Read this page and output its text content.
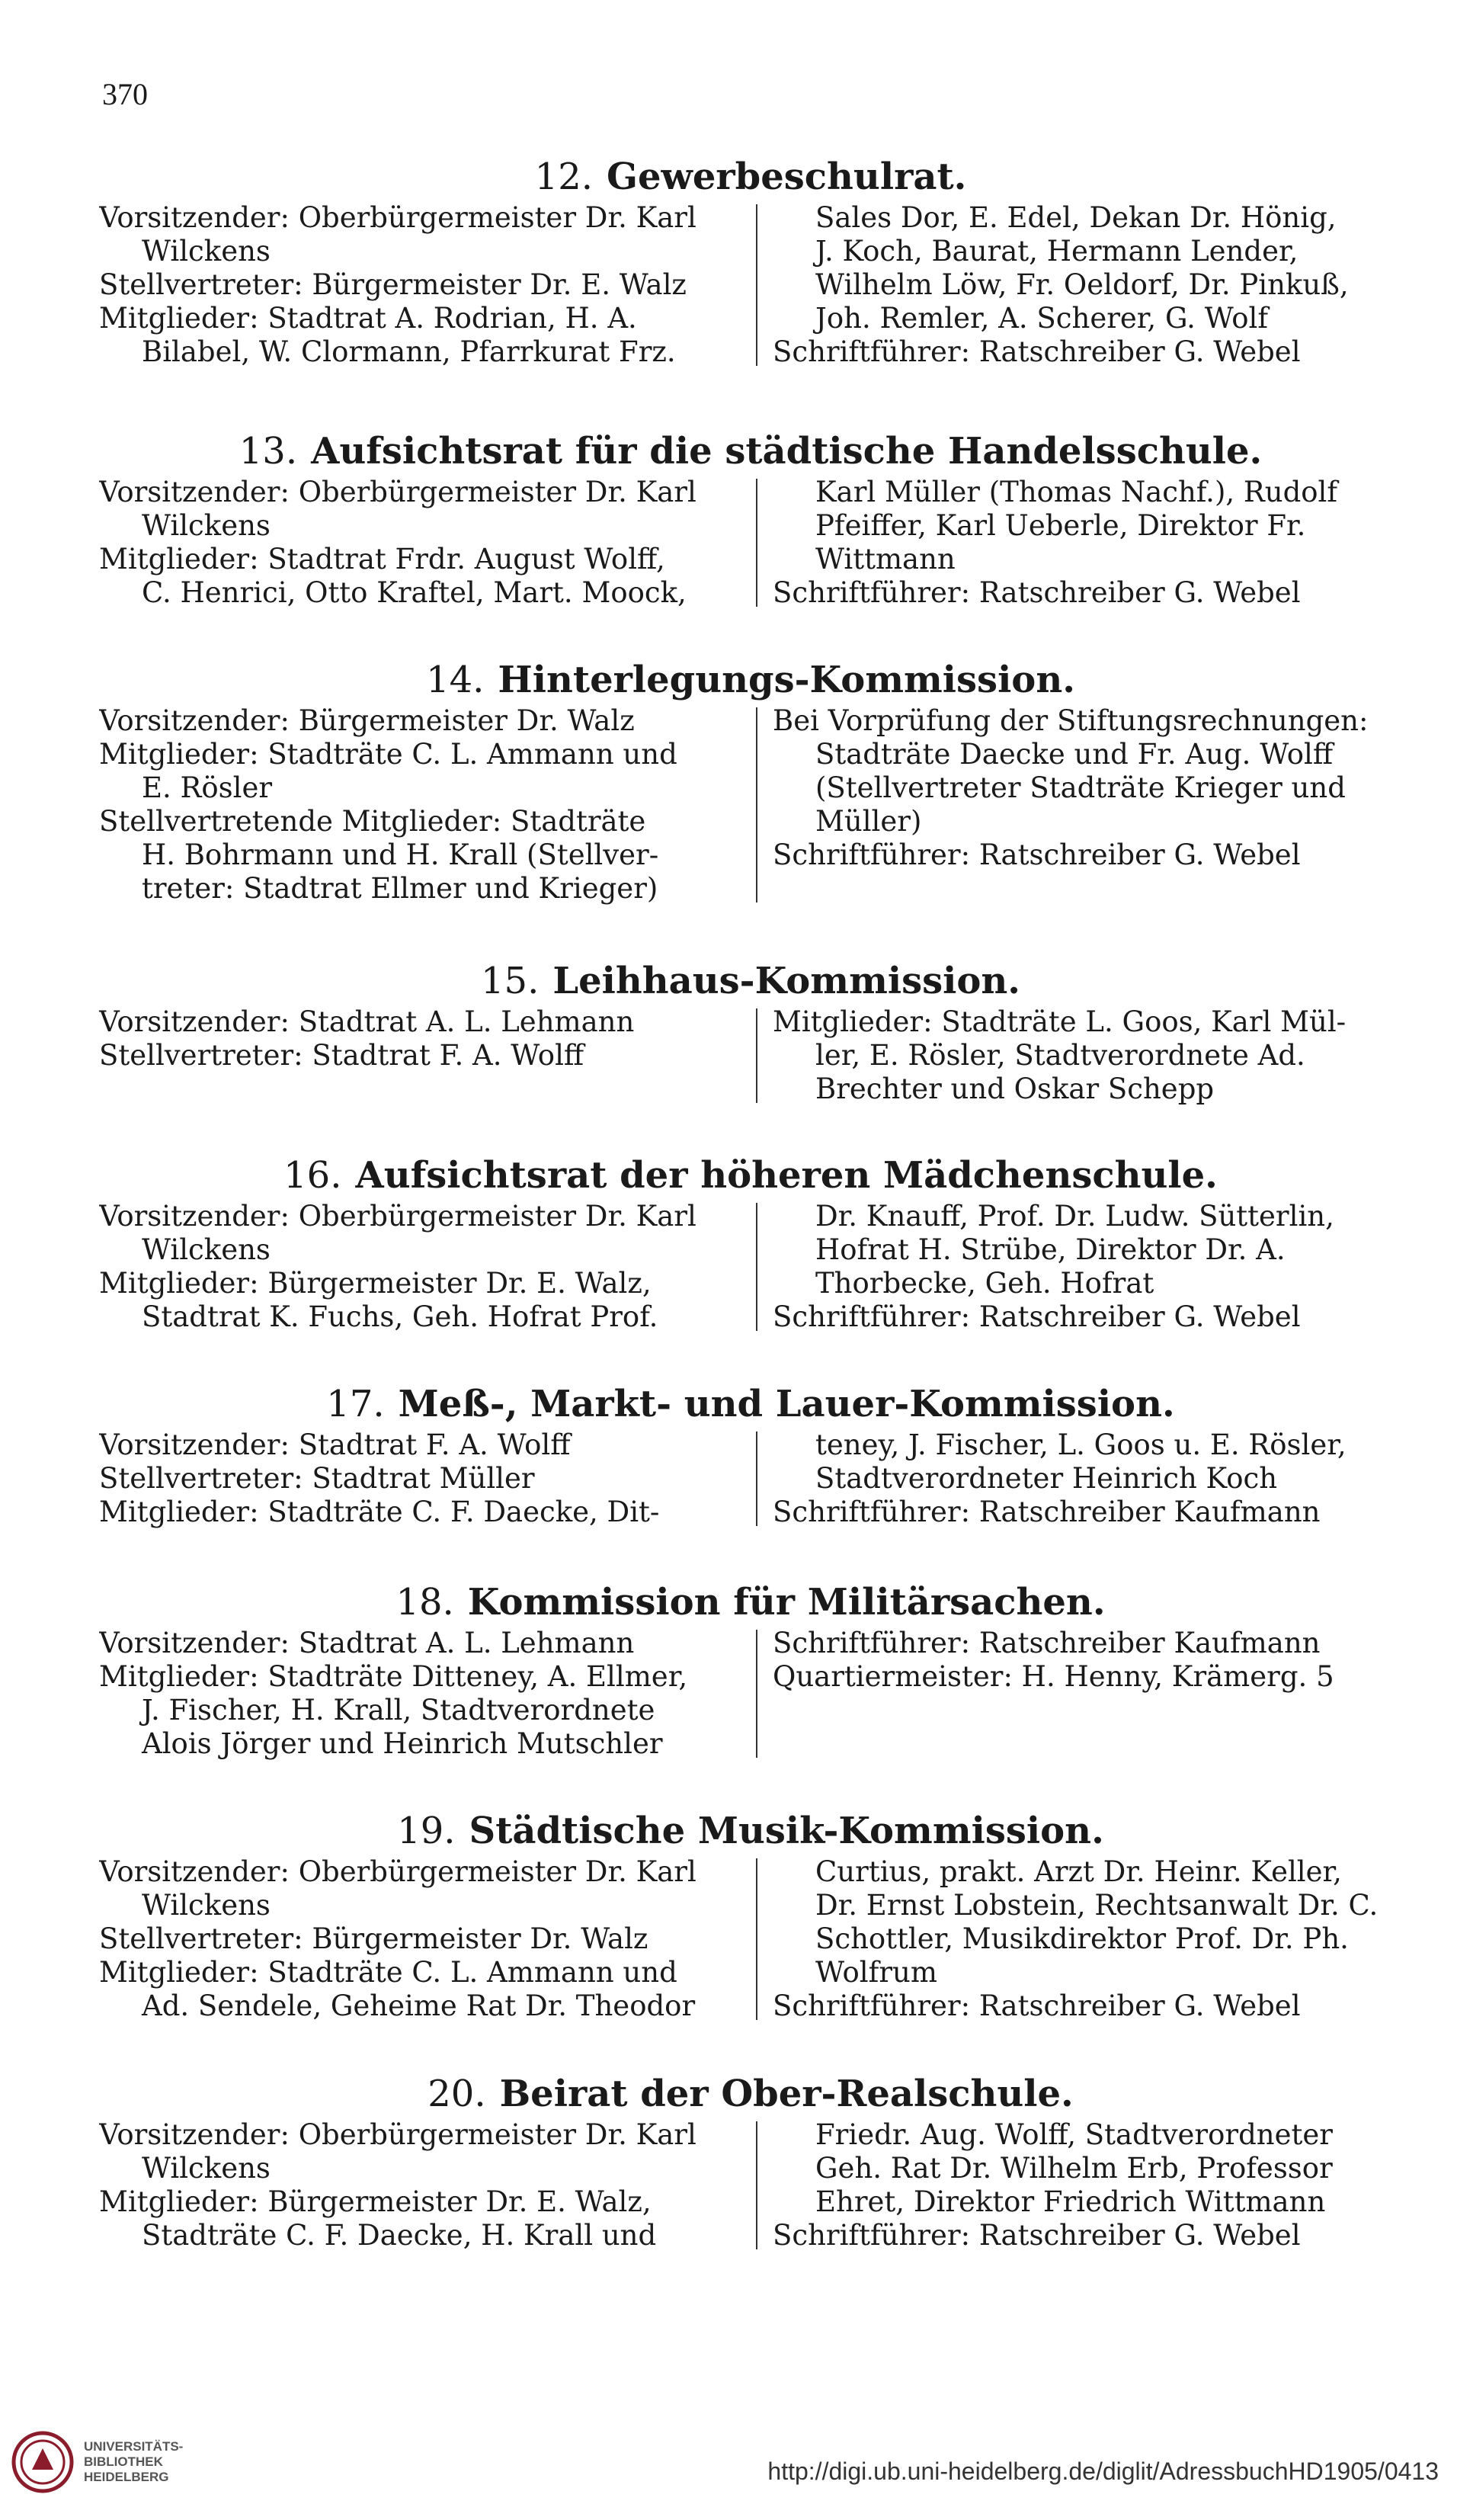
370
12. Gewerbeschulrat.
Vorsitzender: Oberbürgermeister Dr. Karl
Wilckens
Stellvertreter: Bürgermeister Dr. E. Walz
Mitglieder: Stadtrat A. Rodrian, H. A.
Bilabel, W. Clormann, Pfarrkurat Frz.
Sales Dor, E. Edel, Dekan Dr. Hönig,
J. Koch, Baurat, Hermann Lender,
Wilhelm Löw, Fr. Oeldorf, Dr. Pinkuß,
Joh. Remler, A. Scherer, G. Wolf
Schriftführer: Ratschreiber G. Webel
13. Aufsichtsrat für die städtische Handelsschule.
Vorsitzender: Oberbürgermeister Dr. Karl
Wilckens
Mitglieder: Stadtrat Frdr. August Wolff,
C. Henrici, Otto Kraftel, Mart. Moock,
Karl Müller (Thomas Nachf.), Rudolf
Pfeiffer, Karl Ueberle, Direktor Fr.
Wittmann
Schriftführer: Ratschreiber G. Webel
14. Hinterlegungs-Kommission.
Vorsitzender: Bürgermeister Dr. Walz
Mitglieder: Stadträte C. L. Ammann und
E. Rösler
Stellvertretende Mitglieder: Stadträte
H. Bohrmann und H. Krall (Stellver-
treter: Stadtrat Ellmer und Krieger)
Bei Vorprüfung der Stiftungsrechnungen:
Stadträte Daecke und Fr. Aug. Wolff
(Stellvertreter Stadträte Krieger und
Müller)
Schriftführer: Ratschreiber G. Webel
15. Leihhaus-Kommission.
Vorsitzender: Stadtrat A. L. Lehmann
Stellvertreter: Stadtrat F. A. Wolff
Mitglieder: Stadträte L. Goos, Karl Mül-
ler, E. Rösler, Stadtverordnete Ad.
Brechter und Oskar Schepp
16. Aufsichtsrat der höheren Mädchenschule.
Vorsitzender: Oberbürgermeister Dr. Karl
Wilckens
Mitglieder: Bürgermeister Dr. E. Walz,
Stadtrat K. Fuchs, Geh. Hofrat Prof.
Dr. Knauff, Prof. Dr. Ludw. Sütterlin,
Hofrat H. Strübe, Direktor Dr. A.
Thorbecke, Geh. Hofrat
Schriftführer: Ratschreiber G. Webel
17. Meß-, Markt- und Lauer-Kommission.
Vorsitzender: Stadtrat F. A. Wolff
Stellvertreter: Stadtrat Müller
Mitglieder: Stadträte C. F. Daecke, Dit-
teney, J. Fischer, L. Goos u. E. Rösler,
Stadtverordneter Heinrich Koch
Schriftführer: Ratschreiber Kaufmann
18. Kommission für Militärsachen.
Vorsitzender: Stadtrat A. L. Lehmann
Mitglieder: Stadträte Ditteney, A. Ellmer,
J. Fischer, H. Krall, Stadtverordnete
Alois Jörger und Heinrich Mutschler
Schriftführer: Ratschreiber Kaufmann
Quartiermeister: H. Henny, Krämerg. 5
19. Städtische Musik-Kommission.
Vorsitzender: Oberbürgermeister Dr. Karl
Wilckens
Stellvertreter: Bürgermeister Dr. Walz
Mitglieder: Stadträte C. L. Ammann und
Ad. Sendele, Geheime Rat Dr. Theodor
Curtius, prakt. Arzt Dr. Heinr. Keller,
Dr. Ernst Lobstein, Rechtsanwalt Dr. C.
Schottler, Musikdirektor Prof. Dr. Ph.
Wolfrum
Schriftführer: Ratschreiber G. Webel
20. Beirat der Ober-Realschule.
Vorsitzender: Oberbürgermeister Dr. Karl
Wilckens
Mitglieder: Bürgermeister Dr. E. Walz,
Stadträte C. F. Daecke, H. Krall und
Friedr. Aug. Wolff, Stadtverordneter
Geh. Rat Dr. Wilhelm Erb, Professor
Ehret, Direktor Friedrich Wittmann
Schriftführer: Ratschreiber G. Webel
UNIVERSITÄTS-
BIBLIOTHEK
HEIDELBERG	http://digi.ub.uni-heidelberg.de/diglit/AdressbuchHD1905/0413
